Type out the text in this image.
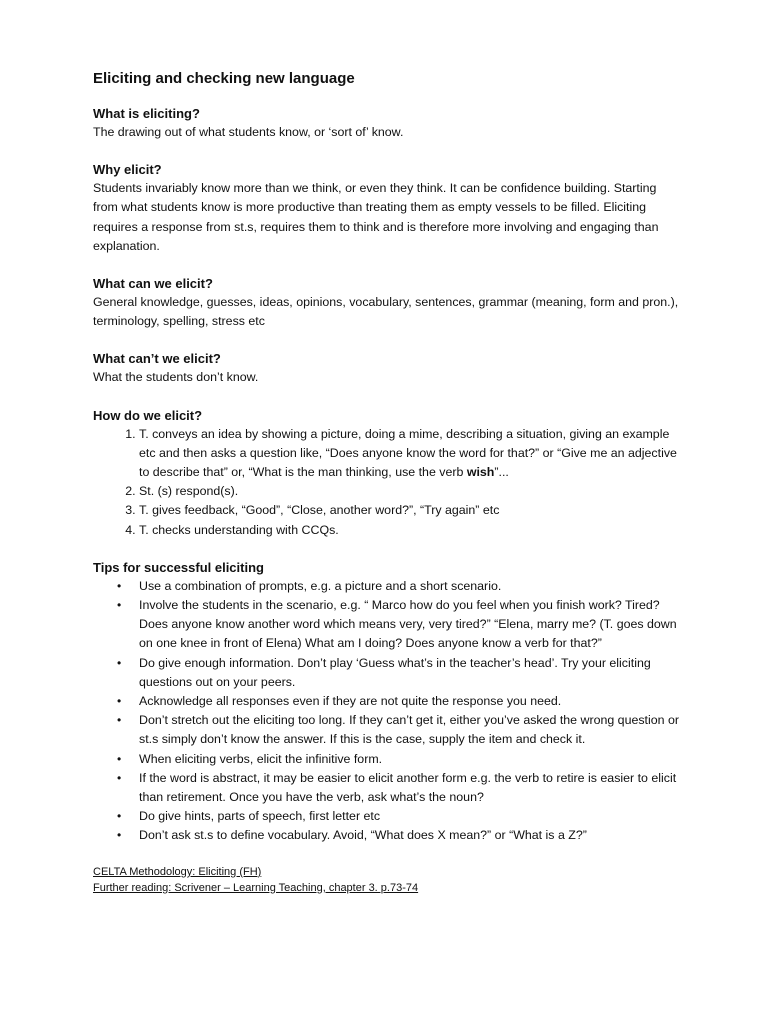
Eliciting and checking new language

What is eliciting?

The drawing out of what students know, or ‘sort of’ know.

Why elicit?

Students invariably know more than we think, or even they think. It can be confidence building. Starting from what students know is more productive than treating them as empty vessels to be filled. Eliciting requires a response from st.s, requires them to think and is therefore more involving and engaging than explanation.

What can we elicit?

General knowledge, guesses, ideas, opinions, vocabulary, sentences, grammar (meaning, form and pron.), terminology, spelling, stress etc

What can’t we elicit?

What the students don’t know.

How do we elicit?

1. T. conveys an idea by showing a picture, doing a mime, describing a situation, giving an example etc and then asks a question like, “Does anyone know the word for that?” or “Give me an adjective to describe that” or, “What is the man thinking, use the verb wish”...
2. St. (s) respond(s).
3. T. gives feedback, “Good”, “Close, another word?”, “Try again” etc
4. T. checks understanding with CCQs.

Tips for successful eliciting

• Use a combination of prompts, e.g. a picture and a short scenario.
• Involve the students in the scenario, e.g. “ Marco how do you feel when you finish work? Tired? Does anyone know another word which means very, very tired?” “Elena, marry me? (T. goes down on one knee in front of Elena) What am I doing? Does anyone know a verb for that?”
• Do give enough information. Don’t play ‘Guess what’s in the teacher’s head’. Try your eliciting questions out on your peers.
• Acknowledge all responses even if they are not quite the response you need.
• Don’t stretch out the eliciting too long. If they can’t get it, either you’ve asked the wrong question or st.s simply don’t know the answer. If this is the case, supply the item and check it.
• When eliciting verbs, elicit the infinitive form.
• If the word is abstract, it may be easier to elicit another form e.g. the verb to retire is easier to elicit than retirement. Once you have the verb, ask what’s the noun?
• Do give hints, parts of speech, first letter etc
• Don’t ask st.s to define vocabulary. Avoid, “What does X mean?” or “What is a Z?”
CELTA Methodology: Eliciting (FH)
Further reading: Scrivener – Learning Teaching, chapter 3. p.73-74
